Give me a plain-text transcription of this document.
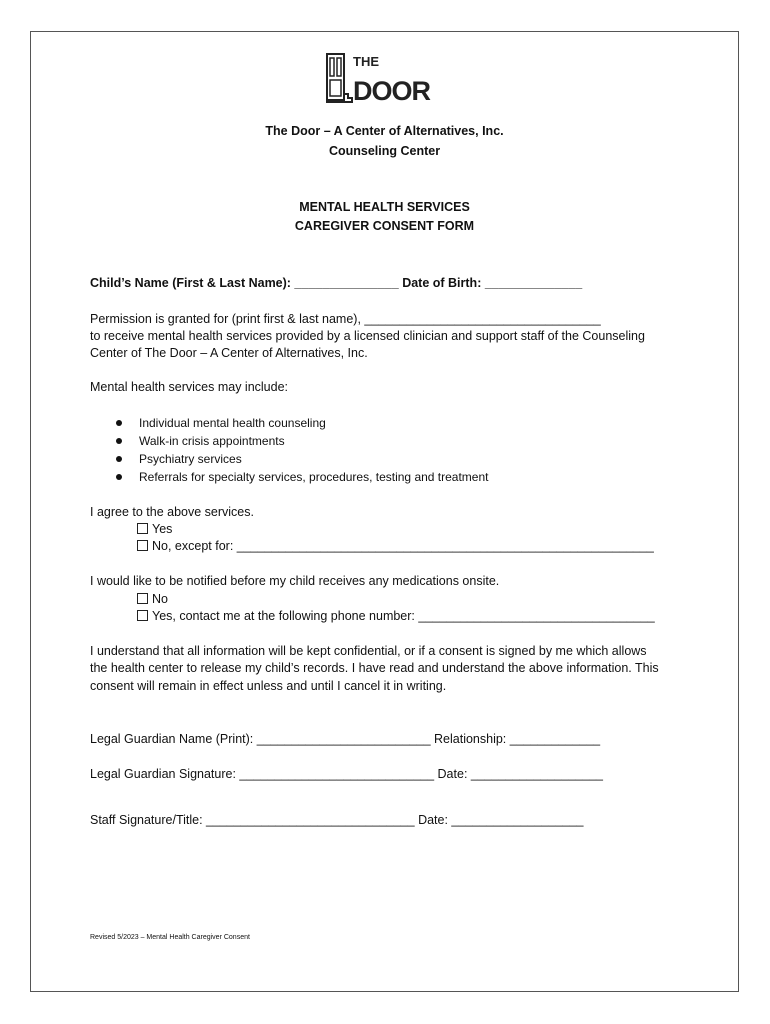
THE
DOOR
The Door – A Center of Alternatives, Inc.
Counseling Center
MENTAL HEALTH SERVICES
CAREGIVER CONSENT FORM
Child’s Name (First & Last Name): _______________ Date of Birth: ______________
Permission is granted for (print first & last name), __________________________________
to receive mental health services provided by a licensed clinician and support staff of the Counseling
Center of The Door – A Center of Alternatives, Inc.
Mental health services may include:
Individual mental health counseling
Walk-in crisis appointments
Psychiatry services
Referrals for specialty services, procedures, testing and treatment
I agree to the above services.
Yes
No, except for: ____________________________________________________________
I would like to be notified before my child receives any medications onsite.
No
Yes, contact me at the following phone number: __________________________________
I understand that all information will be kept confidential, or if a consent is signed by me which allows
the health center to release my child’s records. I have read and understand the above information. This
consent will remain in effect unless and until I cancel it in writing.
Legal Guardian Name (Print): _________________________ Relationship: _____________
Legal Guardian Signature: ____________________________ Date: ___________________
Staff Signature/Title: ______________________________ Date: ___________________
Revised 5/2023 – Mental Health Caregiver Consent
